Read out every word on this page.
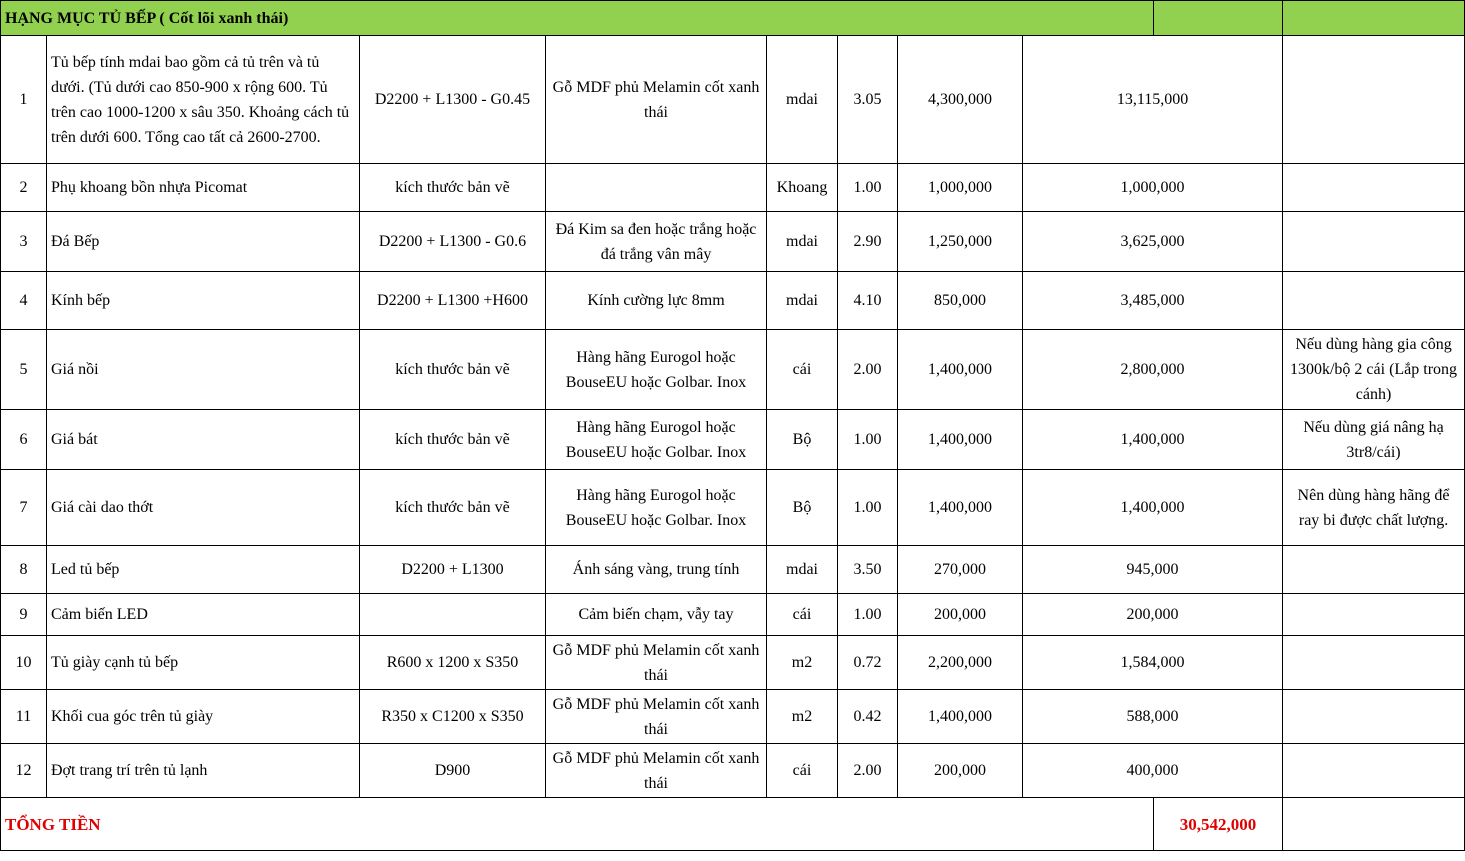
HẠNG MỤC TỦ BẾP ( Cốt lõi xanh thái)									
1	Tủ bếp tính mdai bao gồm cả tủ trên và tủ dưới. (Tủ dưới cao 850-900 x rộng 600. Tủ trên cao 1000-1200 x sâu 350. Khoảng cách tủ trên dưới 600. Tổng cao tất cả 2600-2700.	D2200 + L1300 - G0.45	Gỗ MDF phủ Melamin cốt xanh thái	mdai	3.05	4,300,000	13,115,000		
2	Phụ khoang bồn nhựa Picomat	kích thước bản vẽ		Khoang	1.00	1,000,000	1,000,000		
3	Đá Bếp	D2200 + L1300 - G0.6	Đá Kim sa đen hoặc trắng hoặc đá trắng vân mây	mdai	2.90	1,250,000	3,625,000		
4	Kính bếp	D2200 + L1300 +H600	Kính cường lực 8mm	mdai	4.10	850,000	3,485,000		
5	Giá nồi	kích thước bản vẽ	Hàng hãng Eurogol hoặc BouseEU hoặc Golbar. Inox	cái	2.00	1,400,000	2,800,000		Nếu dùng hàng gia công 1300k/bộ 2 cái (Lắp trong cánh)
6	Giá bát	kích thước bản vẽ	Hàng hãng Eurogol hoặc BouseEU hoặc Golbar. Inox	Bộ	1.00	1,400,000	1,400,000		Nếu dùng giá nâng hạ 3tr8/cái)
7	Giá cài dao thớt	kích thước bản vẽ	Hàng hãng Eurogol hoặc BouseEU hoặc Golbar. Inox	Bộ	1.00	1,400,000	1,400,000		Nên dùng hàng hãng để ray bi được chất lượng.
8	Led tủ bếp	D2200 + L1300	Ánh sáng vàng, trung tính	mdai	3.50	270,000	945,000		
9	Cảm biến LED		Cảm biến chạm, vẫy tay	cái	1.00	200,000	200,000		
10	Tủ giày cạnh tủ bếp	R600 x 1200 x S350	Gỗ MDF phủ Melamin cốt xanh thái	m2	0.72	2,200,000	1,584,000		
11	Khối cua góc trên tủ giày	R350 x C1200 x S350	Gỗ MDF phủ Melamin cốt xanh thái	m2	0.42	1,400,000	588,000		
12	Đợt trang trí trên tủ lạnh	D900	Gỗ MDF phủ Melamin cốt xanh thái	cái	2.00	200,000	400,000		
TỔNG TIỀN								30,542,000	
